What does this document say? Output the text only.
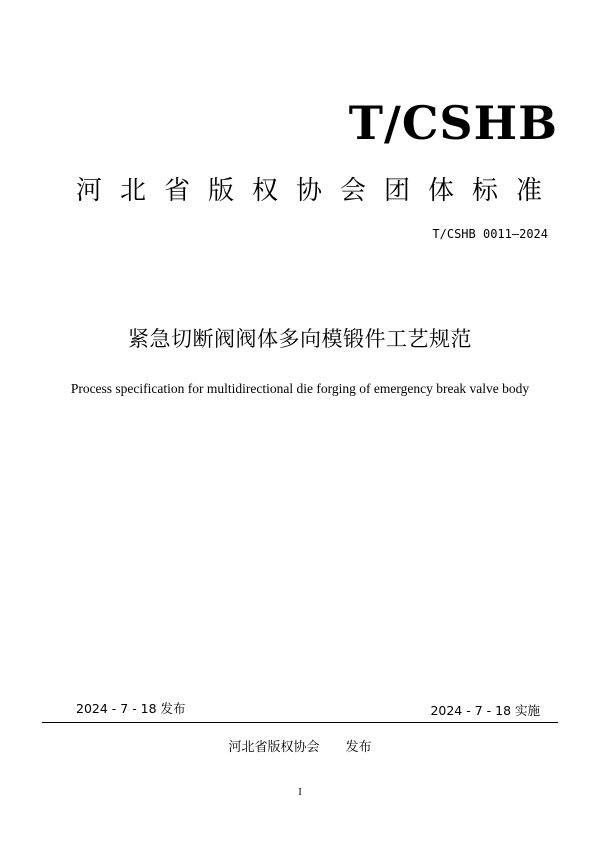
T/CSHB
河北省版权协会团体标准
T/CSHB 0011—2024
紧急切断阀阀体多向模锻件工艺规范
Process specification for multidirectional die forging of emergency break valve body
2024 - 7 - 18 发布	2024 - 7 - 18 实施
河北省版权协会 发布
I
